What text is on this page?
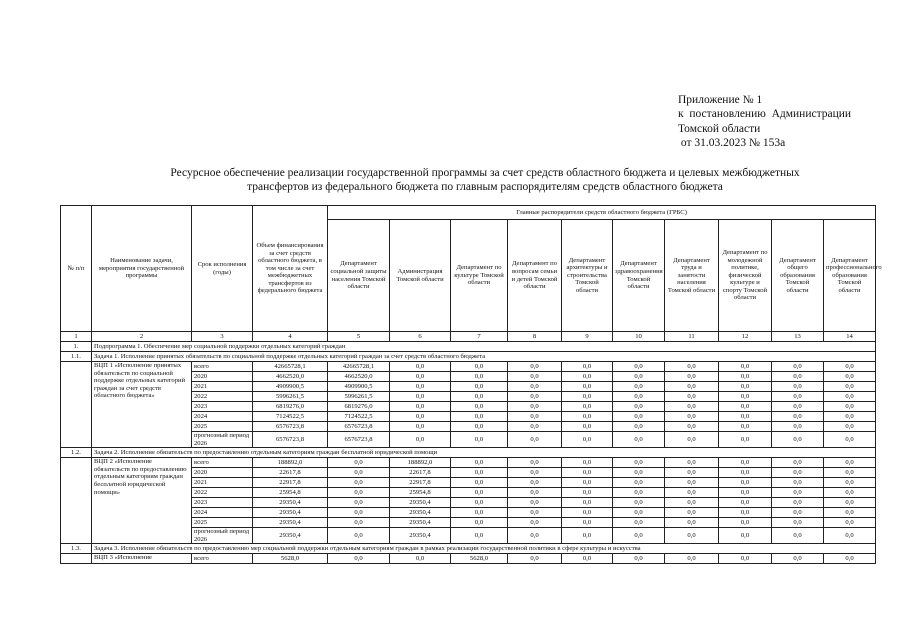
Приложение № 1
к  постановлению  Администрации
Томской области
от 31.03.2023 № 153а
Ресурсное обеспечение реализации государственной программы за счет средств областного бюджета и целевых межбюджетных
трансфертов из федерального бюджета по главным распорядителям средств областного бюджета
№ п/п	Наименование задачи, мероприятия государственной программы	Срок исполнения (годы)	Объем финансирования за счет средств областного бюджета, в том числе за счет межбюджетных трансфертов из федерального бюджета	Главные распорядители средств областного бюджета (ГРБС)									
				Департамент социальной защиты населения Томской области	Администрация Томской области	Департамент по культуре Томской области	Департамент по вопросам семьи и детей Томской области	Департамент архитектуры и строительства Томской области	Департамент здравоохранения Томской области	Департамент труда и занятости населения Томской области	Департамент по молодежной политике, физической культуре и спорту Томской области	Департамент общего образования Томской области	Департамент профессионального образования Томской области
1	2	3	4	5	6	7	8	9	10	11	12	13	14
1.	Подпрограмма 1. Обеспечение мер социальной поддержки отдельных категорий граждан												
1.1.	Задача 1. Исполнение принятых обязательств по социальной поддержке отдельных категорий граждан за счет средств областного бюджета												
	ВЦП 1 «Исполнение принятых обязательств по социальной поддержке отдельных категорий граждан за счет средств областного бюджета»	всего	42665728,1	42665728,1	0,0	0,0	0,0	0,0	0,0	0,0	0,0	0,0	0,0
		2020	4662520,0	4662520,0	0,0	0,0	0,0	0,0	0,0	0,0	0,0	0,0	0,0
		2021	4909900,5	4909900,5	0,0	0,0	0,0	0,0	0,0	0,0	0,0	0,0	0,0
		2022	5996261,5	5996261,5	0,0	0,0	0,0	0,0	0,0	0,0	0,0	0,0	0,0
		2023	6819276,0	6819276,0	0,0	0,0	0,0	0,0	0,0	0,0	0,0	0,0	0,0
		2024	7124522,5	7124522,5	0,0	0,0	0,0	0,0	0,0	0,0	0,0	0,0	0,0
		2025	6576723,8	6576723,8	0,0	0,0	0,0	0,0	0,0	0,0	0,0	0,0	0,0
		прогнозный период 2026	6576723,8	6576723,8	0,0	0,0	0,0	0,0	0,0	0,0	0,0	0,0	0,0
1.2.	Задача 2. Исполнение обязательств по предоставлению отдельным категориям граждан бесплатной юридической помощи												
	ВЦП 2 «Исполнение обязательств по предоставлению отдельным категориям граждан бесплатной юридической помощи»	всего	188892,0	0,0	188892,0	0,0	0,0	0,0	0,0	0,0	0,0	0,0	0,0
		2020	22617,8	0,0	22617,8	0,0	0,0	0,0	0,0	0,0	0,0	0,0	0,0
		2021	22917,8	0,0	22917,8	0,0	0,0	0,0	0,0	0,0	0,0	0,0	0,0
		2022	25954,8	0,0	25954,8	0,0	0,0	0,0	0,0	0,0	0,0	0,0	0,0
		2023	29350,4	0,0	29350,4	0,0	0,0	0,0	0,0	0,0	0,0	0,0	0,0
		2024	29350,4	0,0	29350,4	0,0	0,0	0,0	0,0	0,0	0,0	0,0	0,0
		2025	29350,4	0,0	29350,4	0,0	0,0	0,0	0,0	0,0	0,0	0,0	0,0
		прогнозный период 2026	29350,4	0,0	29350,4	0,0	0,0	0,0	0,0	0,0	0,0	0,0	0,0
1.3.	Задача 3. Исполнение обязательств по предоставлению мер социальной поддержки отдельным категориям граждан в рамках реализации государственной политики в сфере культуры и искусства												
	ВЦП 3 «Исполнение	всего	5628,0	0,0	0,0	5628,0	0,0	0,0	0,0	0,0	0,0	0,0	0,0
